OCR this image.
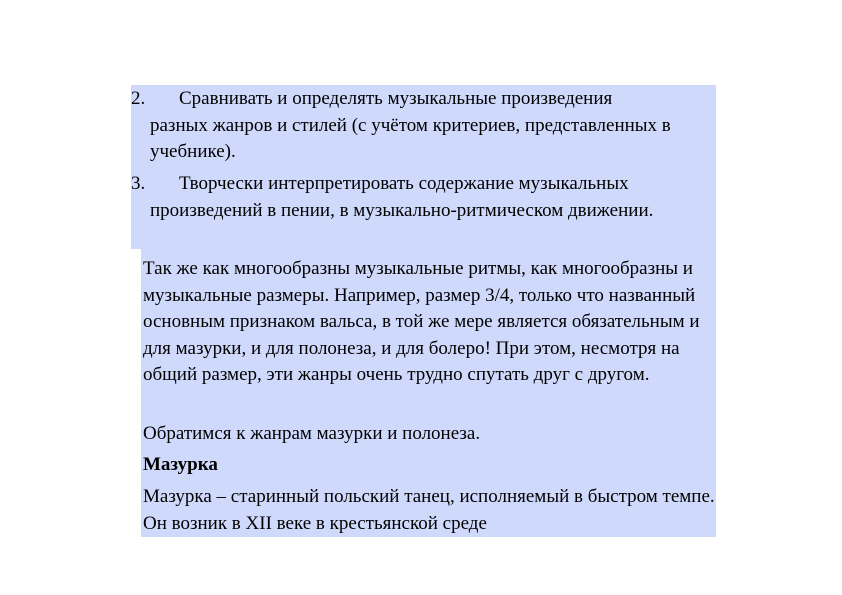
2.	Сравнивать и определять музыкальные произведения
разных жанров и стилей (с учётом критериев, представленных в учебнике).
3.	Творчески интерпретировать содержание музыкальных
произведений в пении, в музыкально-ритмическом движении.
Так же как многообразны музыкальные ритмы, как многообразны и музыкальные размеры. Например, размер 3/4, только что названный основным признаком вальса, в той же мере является обязательным и для мазурки, и для полонеза, и для болеро! При этом, несмотря на общий размер, эти жанры очень трудно спутать друг с другом.
Обратимся к жанрам мазурки и полонеза.
Мазурка
Мазурка – старинный польский танец, исполняемый в быстром темпе. Он возник в XII веке в крестьянской среде
